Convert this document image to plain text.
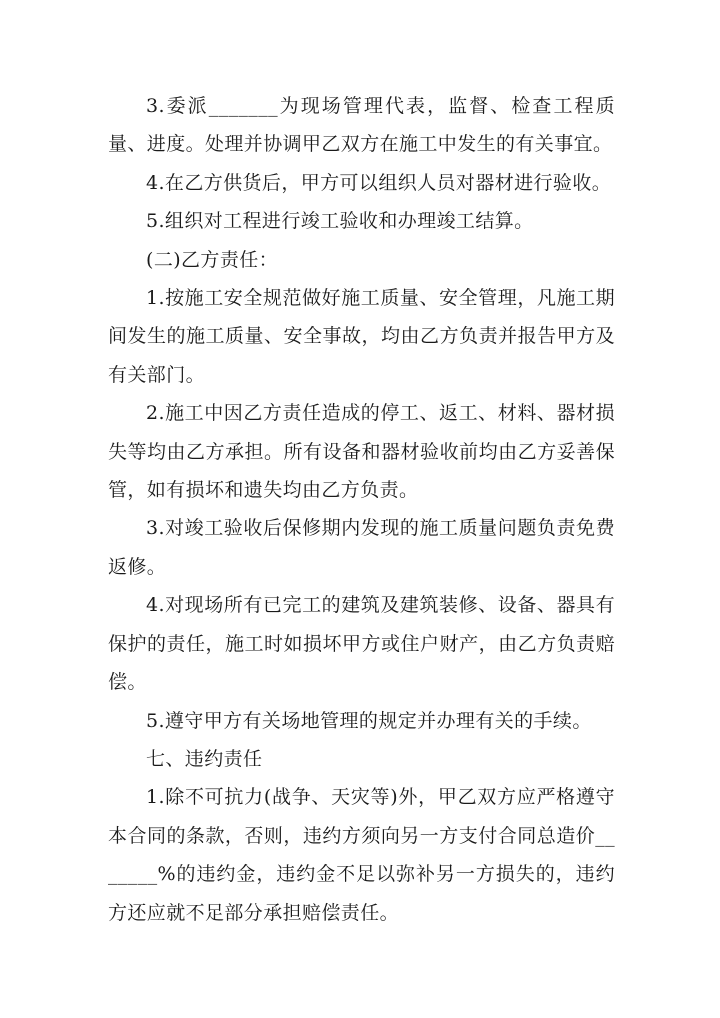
3.委派_______为现场管理代表，监督、检查工程质量、进度。处理并协调甲乙双方在施工中发生的有关事宜。

4.在乙方供货后，甲方可以组织人员对器材进行验收。

5.组织对工程进行竣工验收和办理竣工结算。

(二)乙方责任：

1.按施工安全规范做好施工质量、安全管理，凡施工期间发生的施工质量、安全事故，均由乙方负责并报告甲方及有关部门。

2.施工中因乙方责任造成的停工、返工、材料、器材损失等均由乙方承担。所有设备和器材验收前均由乙方妥善保管，如有损坏和遗失均由乙方负责。

3.对竣工验收后保修期内发现的施工质量问题负责免费返修。

4.对现场所有已完工的建筑及建筑装修、设备、器具有保护的责任，施工时如损坏甲方或住户财产，由乙方负责赔偿。

5.遵守甲方有关场地管理的规定并办理有关的手续。

七、违约责任

1.除不可抗力(战争、天灾等)外，甲乙双方应严格遵守本合同的条款，否则，违约方须向另一方支付合同总造价_______%的违约金，违约金不足以弥补另一方损失的，违约方还应就不足部分承担赔偿责任。
